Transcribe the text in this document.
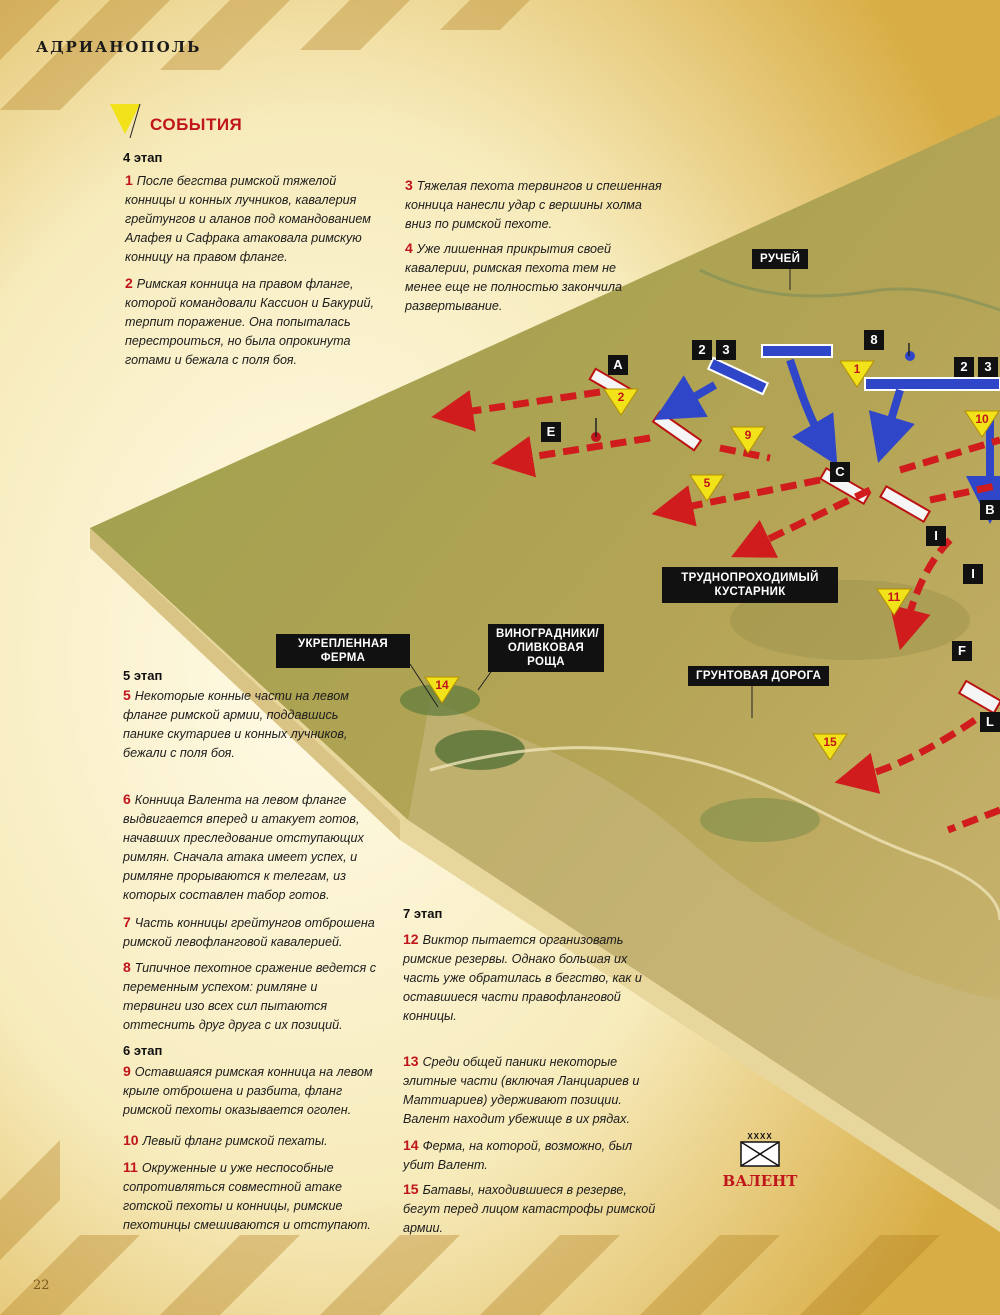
АДРИАНОПОЛЬ
22
СОБЫТИЯ
4 этап
1 После бегства римской тяжелой конницы и конных лучников, кавалерия грейтунгов и аланов под командованием Алафея и Сафрака атаковала римскую конницу на правом фланге.
2 Римская конница на правом фланге, которой командовали Кассион и Бакурий, терпит поражение. Она попыталась перестроиться, но была опрокинута готами и бежала с поля боя.
3 Тяжелая пехота тервингов и спешенная конница нанесли удар с вершины холма вниз по римской пехоте.
4 Уже лишенная прикрытия своей кавалерии, римская пехота тем не менее еще не полностью закончила развертывание.
5 этап
5 Некоторые конные части на левом фланге римской армии, поддавшись панике скутариев и конных лучников, бежали с поля боя.
6 Конница Валента на левом фланге выдвигается вперед и атакует готов, начавших преследование отступающих римлян. Сначала атака имеет успех, и римляне прорываются к телегам, из которых составлен табор готов.
7 Часть конницы грейтунгов отброшена римской левофланговой кавалерией.
8 Типичное пехотное сражение ведется с переменным успехом: римляне и тервинги изо всех сил пытаются оттеснить друг друга с их позиций.
6 этап
9 Оставшаяся римская конница на левом крыле отброшена и разбита, фланг римской пехоты оказывается оголен.
10 Левый фланг римской пехаты.
11 Окруженные и уже неспособные сопротивляться совместной атаке готской пехоты и конницы, римские пехотинцы смешиваются и отступают.
7 этап
12 Виктор пытается организовать римские резервы. Однако большая их часть уже обратилась в бегство, как и оставшиеся части правофланговой конницы.
13 Среди общей паники некоторые элитные части (включая Ланциариев и Маттиариев) удерживают позиции. Валент находит убежище в их рядах.
14 Ферма, на которой, возможно, был убит Валент.
15 Батавы, находившиеся в резерве, бегут перед лицом катастрофы римской армии.
РУЧЕЙ
ТРУДНОПРОХОДИМЫЙ КУСТАРНИК
УКРЕПЛЕННАЯ ФЕРМА
ВИНОГРАДНИКИ/ ОЛИВКОВАЯ РОЩА
ГРУНТОВАЯ ДОРОГА
A
E
C
F
I
I
B
L
2	3
8
2	3
1
2
9
5
10
11
14
15
XXXX
ВАЛЕНТ
